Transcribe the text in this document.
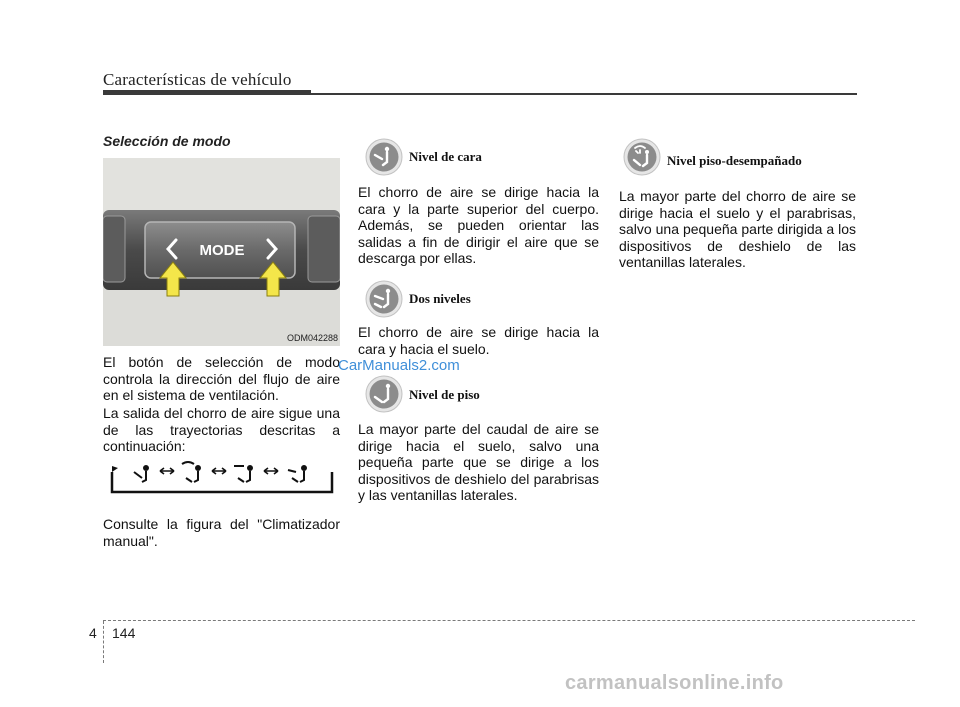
Características de vehículo
Selección de modo
MODE
ODM042288
El botón de selección de modo controla la dirección del flujo de aire en el sistema de ventilación.
La salida del chorro de aire sigue una de las trayectorias descritas a continuación:
Consulte la figura del "Climatizador manual".
Nivel de cara
El chorro de aire se dirige hacia la cara y la parte superior del cuerpo. Además, se pueden orientar las salidas a fin de dirigir el aire que se descarga por ellas.
Dos niveles
El chorro de aire se dirige hacia la cara y hacia el suelo.
Nivel de piso
La mayor parte del caudal de aire se dirige hacia el suelo, salvo una pequeña parte que se dirige a los dispositivos de deshielo del parabrisas y las ventanillas laterales.
Nivel piso-desempañado
La mayor parte del chorro de aire se dirige hacia el suelo y el parabrisas, salvo una pequeña parte dirigida a los dispositivos de deshielo de las ventanillas laterales.
CarManuals2.com
4 144
carmanualsonline.info
